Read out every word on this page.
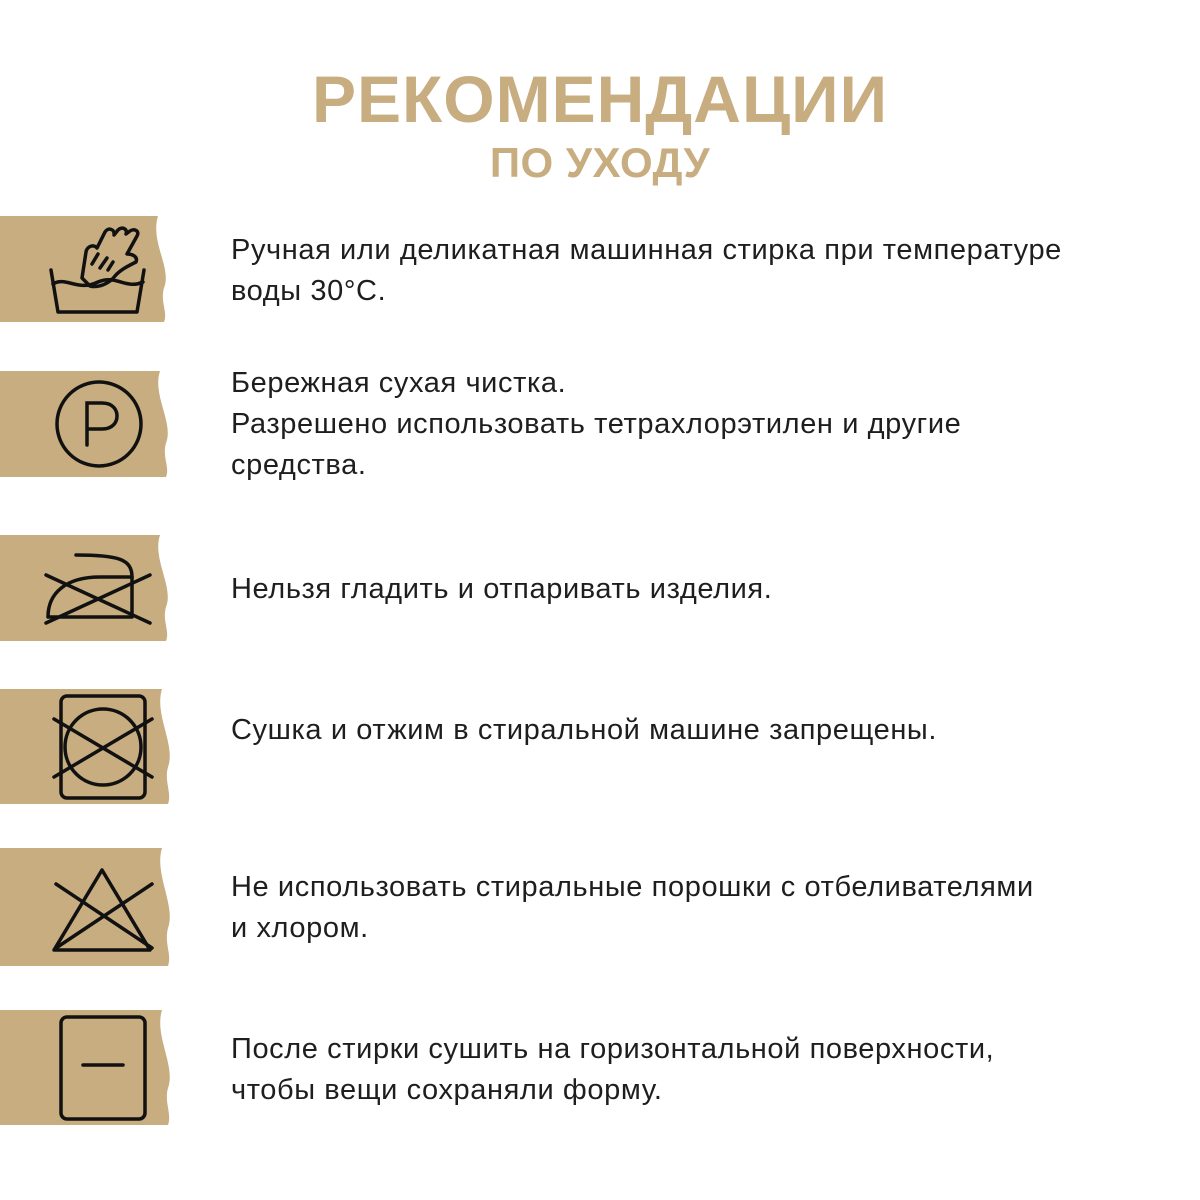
РЕКОМЕНДАЦИИ
ПО УХОДУ
Ручная или деликатная машинная стирка при температуре
воды 30°C.
Бережная сухая чистка.
Разрешено использовать тетрахлорэтилен и другие
средства.
Нельзя гладить и отпаривать изделия.
Сушка и отжим в стиральной машине запрещены.
Не использовать стиральные порошки с отбеливателями
и хлором.
После стирки сушить на горизонтальной поверхности,
чтобы вещи сохраняли форму.
